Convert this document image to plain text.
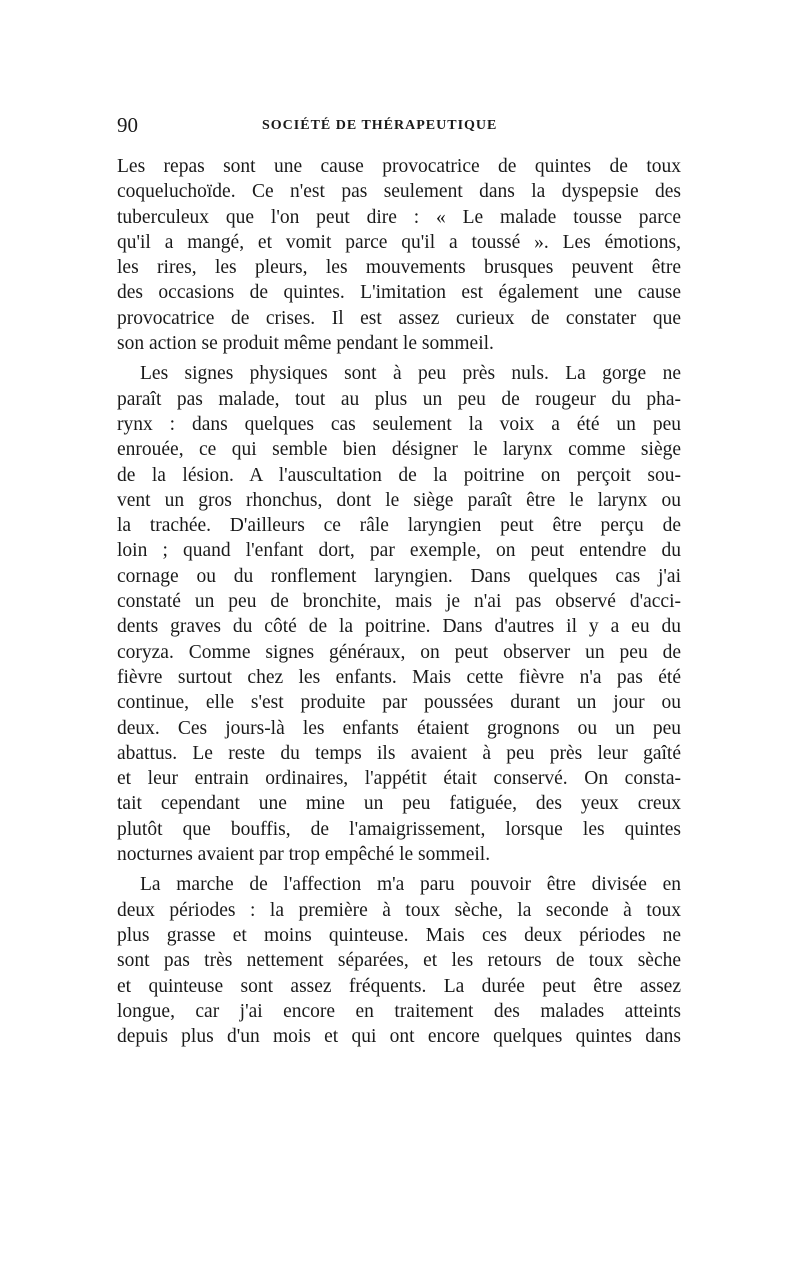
90	SOCIÉTÉ DE THÉRAPEUTIQUE

Les repas sont une cause provocatrice de quintes de toux
coqueluchoïde. Ce n'est pas seulement dans la dyspepsie des
tuberculeux que l'on peut dire : « Le malade tousse parce
qu'il a mangé, et vomit parce qu'il a toussé ». Les émotions,
les rires, les pleurs, les mouvements brusques peuvent être
des occasions de quintes. L'imitation est également une cause
provocatrice de crises. Il est assez curieux de constater que
son action se produit même pendant le sommeil.

Les signes physiques sont à peu près nuls. La gorge ne
paraît pas malade, tout au plus un peu de rougeur du pha-
rynx : dans quelques cas seulement la voix a été un peu
enrouée, ce qui semble bien désigner le larynx comme siège
de la lésion. A l'auscultation de la poitrine on perçoit sou-
vent un gros rhonchus, dont le siège paraît être le larynx ou
la trachée. D'ailleurs ce râle laryngien peut être perçu de
loin ; quand l'enfant dort, par exemple, on peut entendre du
cornage ou du ronflement laryngien. Dans quelques cas j'ai
constaté un peu de bronchite, mais je n'ai pas observé d'acci-
dents graves du côté de la poitrine. Dans d'autres il y a eu du
coryza. Comme signes généraux, on peut observer un peu de
fièvre surtout chez les enfants. Mais cette fièvre n'a pas été
continue, elle s'est produite par poussées durant un jour ou
deux. Ces jours-là les enfants étaient grognons ou un peu
abattus. Le reste du temps ils avaient à peu près leur gaîté
et leur entrain ordinaires, l'appétit était conservé. On consta-
tait cependant une mine un peu fatiguée, des yeux creux
plutôt que bouffis, de l'amaigrissement, lorsque les quintes
nocturnes avaient par trop empêché le sommeil.

La marche de l'affection m'a paru pouvoir être divisée en
deux périodes : la première à toux sèche, la seconde à toux
plus grasse et moins quinteuse. Mais ces deux périodes ne
sont pas très nettement séparées, et les retours de toux sèche
et quinteuse sont assez fréquents. La durée peut être assez
longue, car j'ai encore en traitement des malades atteints
depuis plus d'un mois et qui ont encore quelques quintes dans
